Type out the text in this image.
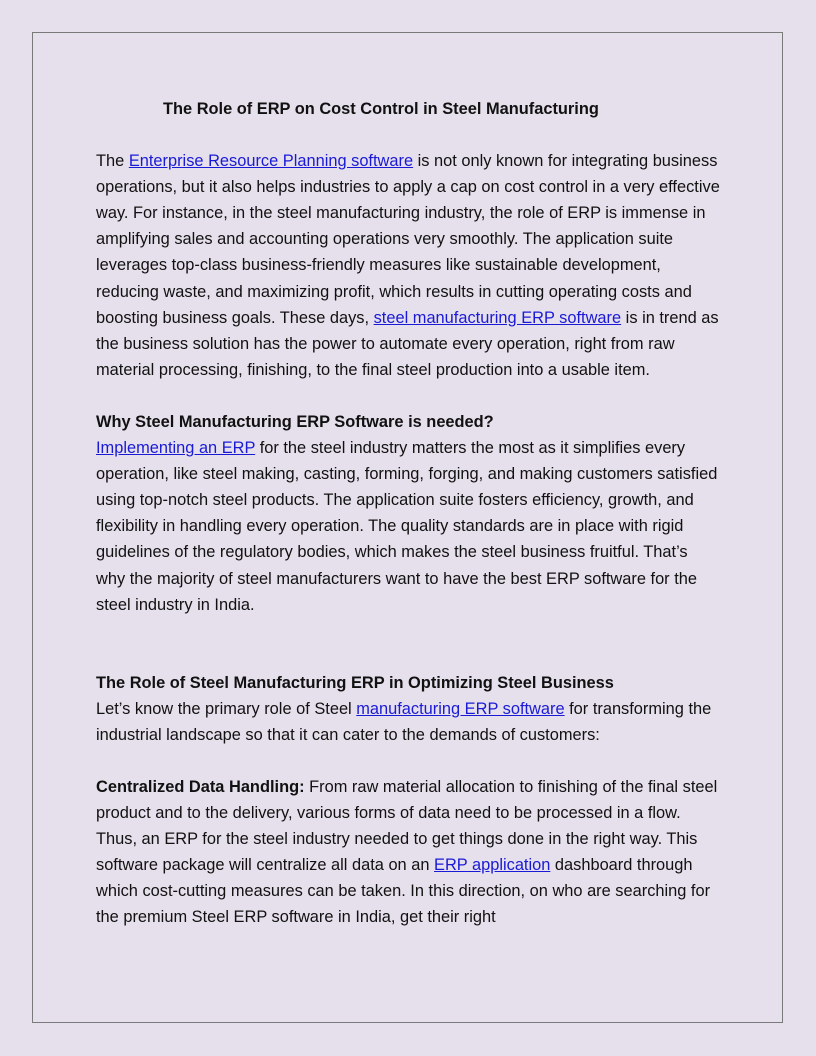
The Role of ERP on Cost Control in Steel Manufacturing

The Enterprise Resource Planning software is not only known for integrating business operations, but it also helps industries to apply a cap on cost control in a very effective way. For instance, in the steel manufacturing industry, the role of ERP is immense in amplifying sales and accounting operations very smoothly. The application suite leverages top-class business-friendly measures like sustainable development, reducing waste, and maximizing profit, which results in cutting operating costs and boosting business goals. These days, steel manufacturing ERP software is in trend as the business solution has the power to automate every operation, right from raw material processing, finishing, to the final steel production into a usable item.

Why Steel Manufacturing ERP Software is needed?

Implementing an ERP for the steel industry matters the most as it simplifies every operation, like steel making, casting, forming, forging, and making customers satisfied using top-notch steel products. The application suite fosters efficiency, growth, and flexibility in handling every operation. The quality standards are in place with rigid guidelines of the regulatory bodies, which makes the steel business fruitful. That’s why the majority of steel manufacturers want to have the best ERP software for the steel industry in India.

The Role of Steel Manufacturing ERP in Optimizing Steel Business

Let’s know the primary role of Steel manufacturing ERP software for transforming the industrial landscape so that it can cater to the demands of customers:

Centralized Data Handling: From raw material allocation to finishing of the final steel product and to the delivery, various forms of data need to be processed in a flow. Thus, an ERP for the steel industry needed to get things done in the right way. This software package will centralize all data on an ERP application dashboard through which cost-cutting measures can be taken. In this direction, on who are searching for the premium Steel ERP software in India, get their right
